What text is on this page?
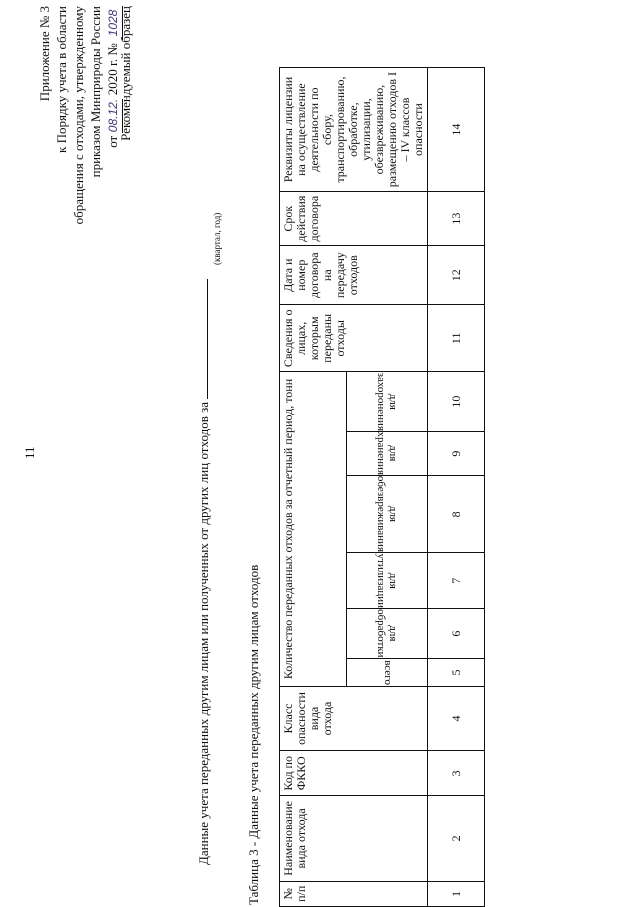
11
Приложение № 3 к Порядку учета в области обращения с отходами, утвержденному приказом Минприроды России от 08.12. 2020 г. № 1028
Рекомендуемый образец
Данные учета переданных другим лицам или полученных от других лиц отходов за
(квартал, год)
Таблица 3 - Данные учета переданных другим лицам отходов № п/п	Наименование вида отхода	Код по ФККО	Класс опасности вида отхода	Количество переданных отходов за отчетный период, тонн						Сведения о лицах, которым переданы отходы	Дата и номер договора на передачу отходов	Срок действия договора	Реквизиты лицензии на осуществление деятельности по сбору, транспортированию, обработке, утилизации, обезвреживанию, размещению отходов I – IV классов опасности
				всего	для обработки	для утилизации	для обезвреживания	для хранения	для захоронения				
1	2	3	4	5	6	7	8	9	10	11	12	13	14
